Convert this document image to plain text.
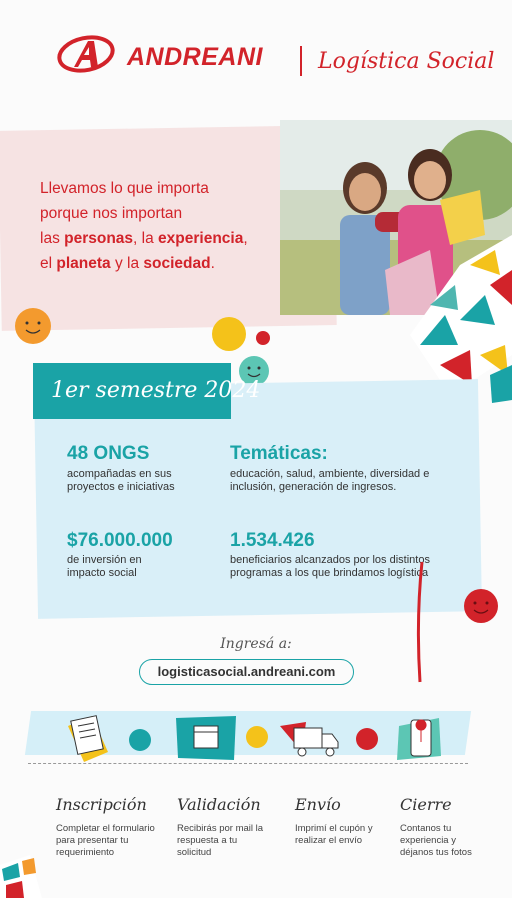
ANDREANI	Logística Social
Llevamos lo que importa
porque nos importan
las personas, la experiencia,
el planeta y la sociedad.
1er semestre 2024
48 ONGS
acompañadas en sus proyectos e iniciativas
Temáticas:
educación, salud, ambiente, diversidad e inclusión, generación de ingresos.
$76.000.000
de inversión en impacto social
1.534.426
beneficiarios alcanzados por los distintos programas a los que brindamos logística
Ingresá a:
logisticasocial.andreani.com
Inscripción
Completar el formulario para presentar tu requerimiento
Validación
Recibirás por mail la respuesta a tu solicitud
Envío
Imprimí el cupón y realizar el envío
Cierre
Contanos tu experiencia y déjanos tus fotos
